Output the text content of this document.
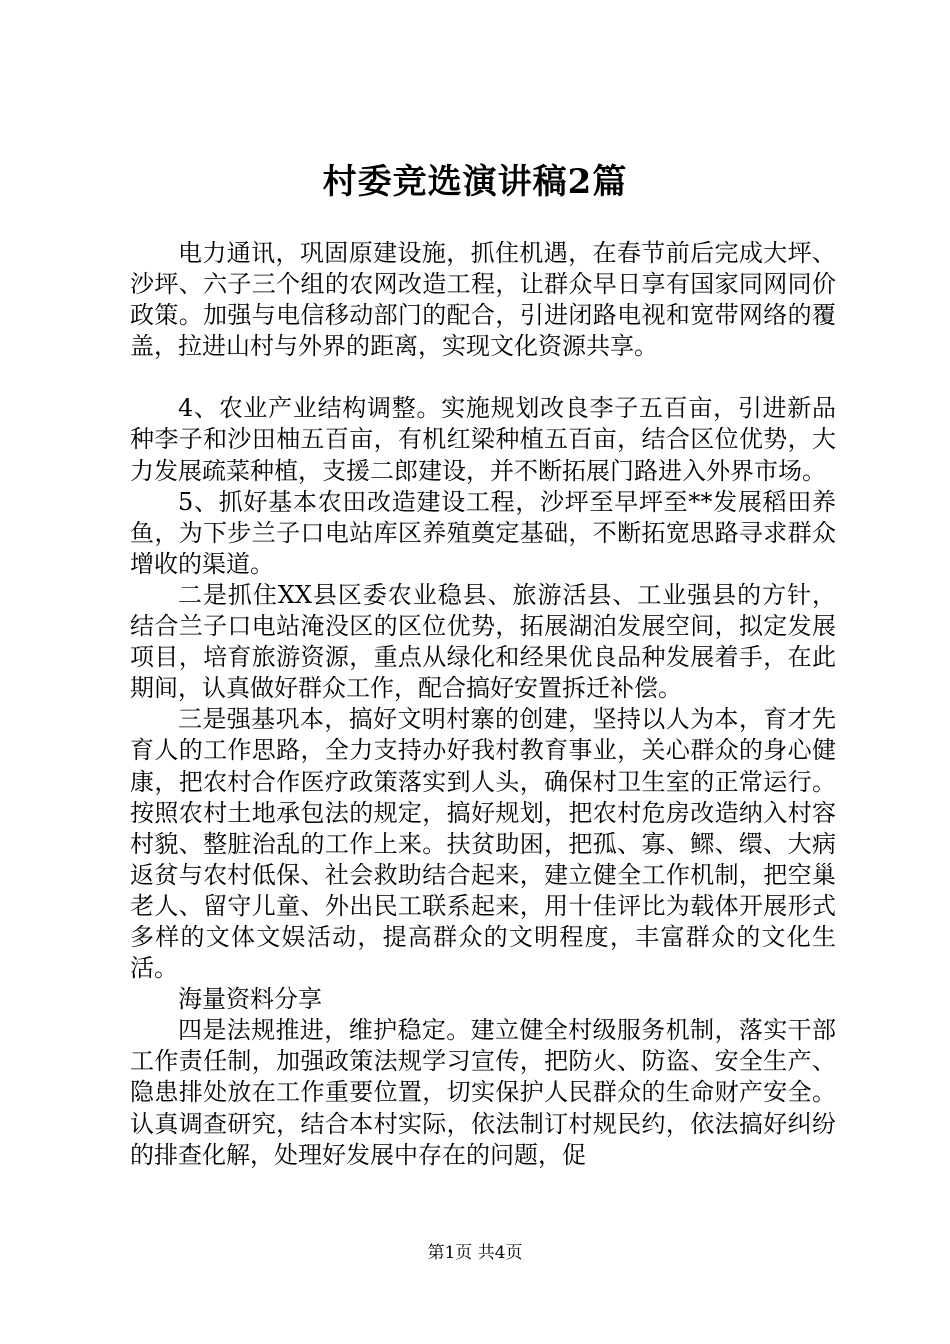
村委竞选演讲稿2篇

电力通讯，巩固原建设施，抓住机遇，在春节前后完成大坪、沙坪、六子三个组的农网改造工程，让群众早日享有国家同网同价政策。加强与电信移动部门的配合，引进闭路电视和宽带网络的覆盖，拉进山村与外界的距离，实现文化资源共享。

4、农业产业结构调整。实施规划改良李子五百亩，引进新品种李子和沙田柚五百亩，有机红梁种植五百亩，结合区位优势，大力发展疏菜种植，支援二郎建设，并不断拓展门路进入外界市场。

5、抓好基本农田改造建设工程，沙坪至早坪至**发展稻田养鱼，为下步兰子口电站库区养殖奠定基础，不断拓宽思路寻求群众增收的渠道。

二是抓住XX县区委农业稳县、旅游活县、工业强县的方针，结合兰子口电站淹没区的区位优势，拓展湖泊发展空间，拟定发展项目，培育旅游资源，重点从绿化和经果优良品种发展着手，在此期间，认真做好群众工作，配合搞好安置拆迁补偿。

三是强基巩本，搞好文明村寨的创建，坚持以人为本，育才先育人的工作思路，全力支持办好我村教育事业，关心群众的身心健康，把农村合作医疗政策落实到人头，确保村卫生室的正常运行。按照农村土地承包法的规定，搞好规划，把农村危房改造纳入村容村貌、整脏治乱的工作上来。扶贫助困，把孤、寡、鳏、缳、大病返贫与农村低保、社会救助结合起来，建立健全工作机制，把空巢老人、留守儿童、外出民工联系起来，用十佳评比为载体开展形式多样的文体文娱活动，提高群众的文明程度，丰富群众的文化生活。

海量资料分享

四是法规推进，维护稳定。建立健全村级服务机制，落实干部工作责任制，加强政策法规学习宣传，把防火、防盗、安全生产、隐患排处放在工作重要位置，切实保护人民群众的生命财产安全。认真调查研究，结合本村实际，依法制订村规民约，依法搞好纠纷的排查化解，处理好发展中存在的问题，促

第1页 共4页
